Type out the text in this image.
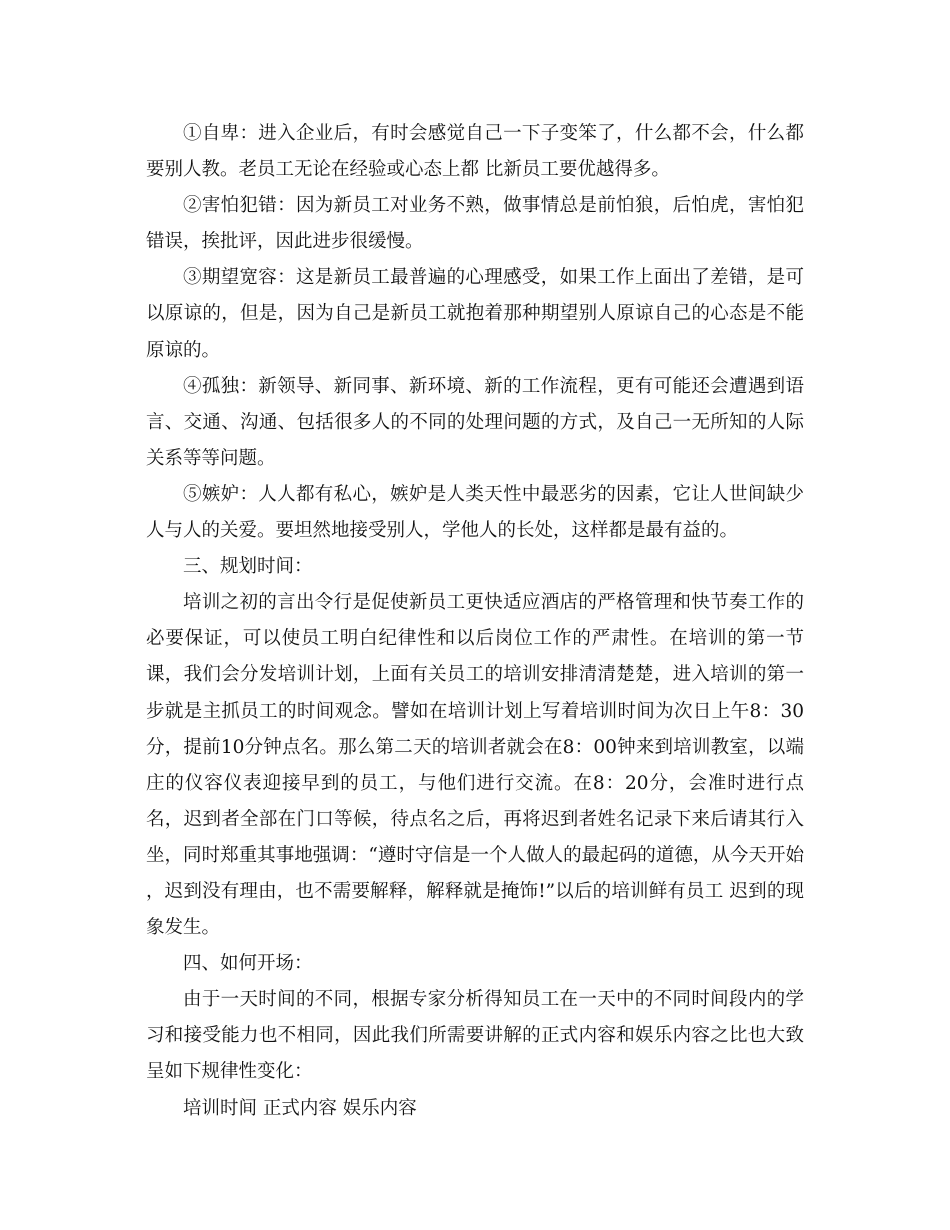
①自卑：进入企业后，有时会感觉自己一下子变笨了，什么都不会，什么都要别人教。老员工无论在经验或心态上都 比新员工要优越得多。

②害怕犯错：因为新员工对业务不熟，做事情总是前怕狼，后怕虎，害怕犯错误，挨批评，因此进步很缓慢。

③期望宽容：这是新员工最普遍的心理感受，如果工作上面出了差错，是可以原谅的，但是，因为自己是新员工就抱着那种期望别人原谅自己的心态是不能原谅的。

④孤独：新领导、新同事、新环境、新的工作流程，更有可能还会遭遇到语言、交通、沟通、包括很多人的不同的处理问题的方式，及自己一无所知的人际关系等等问题。

⑤嫉妒：人人都有私心，嫉妒是人类天性中最恶劣的因素，它让人世间缺少人与人的关爱。要坦然地接受别人，学他人的长处，这样都是最有益的。

三、规划时间：

培训之初的言出令行是促使新员工更快适应酒店的严格管理和快节奏工作的必要保证，可以使员工明白纪律性和以后岗位工作的严肃性。在培训的第一节课，我们会分发培训计划，上面有关员工的培训安排清清楚楚，进入培训的第一步就是主抓员工的时间观念。譬如在培训计划上写着培训时间为次日上午8：30分，提前10分钟点名。那么第二天的培训者就会在8：00钟来到培训教室，以端庄的仪容仪表迎接早到的员工，与他们进行交流。在8：20分，会准时进行点名，迟到者全部在门口等候，待点名之后，再将迟到者姓名记录下来后请其行入坐，同时郑重其事地强调：“遵时守信是一个人做人的最起码的道德，从今天开始 ，迟到没有理由，也不需要解释，解释就是掩饰!”以后的培训鲜有员工 迟到的现象发生。

四、如何开场：

由于一天时间的不同，根据专家分析得知员工在一天中的不同时间段内的学习和接受能力也不相同，因此我们所需要讲解的正式内容和娱乐内容之比也大致呈如下规律性变化：

培训时间 正式内容 娱乐内容
